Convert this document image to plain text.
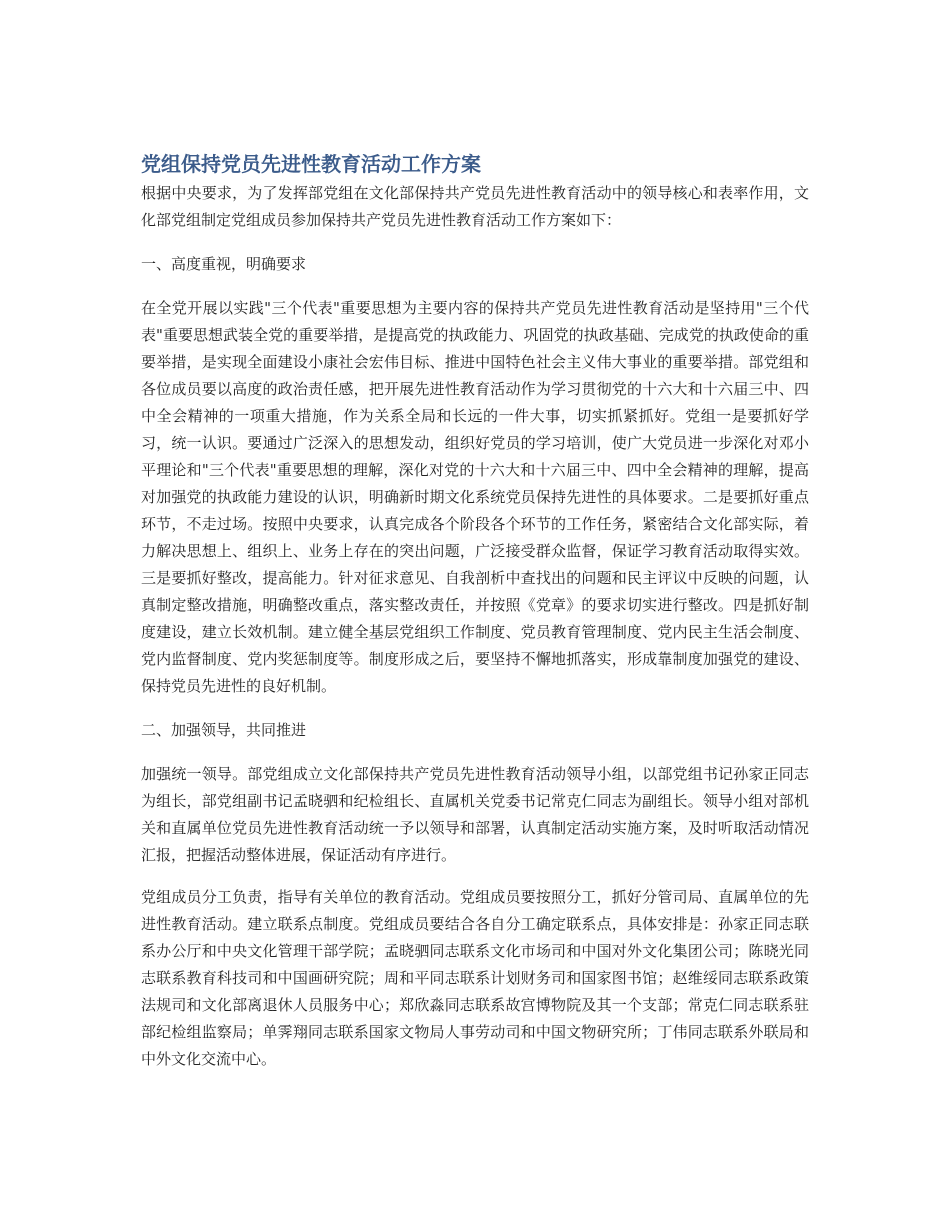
党组保持党员先进性教育活动工作方案

根据中央要求，为了发挥部党组在文化部保持共产党员先进性教育活动中的领导核心和表率作用，文化部党组制定党组成员参加保持共产党员先进性教育活动工作方案如下：

一、高度重视，明确要求

在全党开展以实践"三个代表"重要思想为主要内容的保持共产党员先进性教育活动是坚持用"三个代表"重要思想武装全党的重要举措，是提高党的执政能力、巩固党的执政基础、完成党的执政使命的重要举措，是实现全面建设小康社会宏伟目标、推进中国特色社会主义伟大事业的重要举措。部党组和各位成员要以高度的政治责任感，把开展先进性教育活动作为学习贯彻党的十六大和十六届三中、四中全会精神的一项重大措施，作为关系全局和长远的一件大事，切实抓紧抓好。党组一是要抓好学习，统一认识。要通过广泛深入的思想发动，组织好党员的学习培训，使广大党员进一步深化对邓小平理论和"三个代表"重要思想的理解，深化对党的十六大和十六届三中、四中全会精神的理解，提高对加强党的执政能力建设的认识，明确新时期文化系统党员保持先进性的具体要求。二是要抓好重点环节，不走过场。按照中央要求，认真完成各个阶段各个环节的工作任务，紧密结合文化部实际，着力解决思想上、组织上、业务上存在的突出问题，广泛接受群众监督，保证学习教育活动取得实效。三是要抓好整改，提高能力。针对征求意见、自我剖析中查找出的问题和民主评议中反映的问题，认真制定整改措施，明确整改重点，落实整改责任，并按照《党章》的要求切实进行整改。四是抓好制度建设，建立长效机制。建立健全基层党组织工作制度、党员教育管理制度、党内民主生活会制度、党内监督制度、党内奖惩制度等。制度形成之后，要坚持不懈地抓落实，形成靠制度加强党的建设、保持党员先进性的良好机制。

二、加强领导，共同推进

加强统一领导。部党组成立文化部保持共产党员先进性教育活动领导小组，以部党组书记孙家正同志为组长，部党组副书记孟晓驷和纪检组长、直属机关党委书记常克仁同志为副组长。领导小组对部机关和直属单位党员先进性教育活动统一予以领导和部署，认真制定活动实施方案，及时听取活动情况汇报，把握活动整体进展，保证活动有序进行。

党组成员分工负责，指导有关单位的教育活动。党组成员要按照分工，抓好分管司局、直属单位的先进性教育活动。建立联系点制度。党组成员要结合各自分工确定联系点，具体安排是：孙家正同志联系办公厅和中央文化管理干部学院；孟晓驷同志联系文化市场司和中国对外文化集团公司；陈晓光同志联系教育科技司和中国画研究院；周和平同志联系计划财务司和国家图书馆；赵维绥同志联系政策法规司和文化部离退休人员服务中心；郑欣淼同志联系故宫博物院及其一个支部；常克仁同志联系驻部纪检组监察局；单霁翔同志联系国家文物局人事劳动司和中国文物研究所；丁伟同志联系外联局和中外文化交流中心。
